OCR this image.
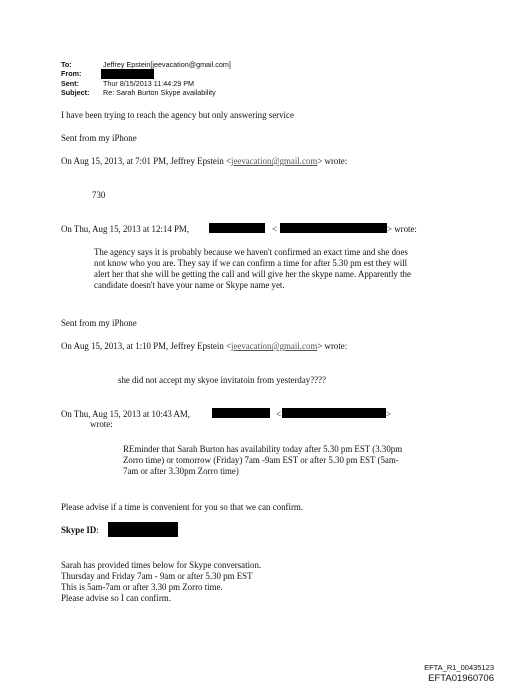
To:	Jeffrey Epstein[jeevacation@gmail.com]
From:
Sent:	Thur 8/15/2013 11:44:29 PM
Subject: Re: Sarah Burton Skype availability
I have been trying to reach the agency but only answering service
Sent from my iPhone
On Aug 15, 2013, at 7:01 PM, Jeffrey Epstein <jeevacation@gmail.com> wrote:
730
On Thu, Aug 15, 2013 at 12:14 PM,	<	> wrote:
The agency says it is probably because we haven't confirmed an exact time and she does not know who you are. They say if we can confirm a time for after 5.30 pm est they will alert her that she will be getting the call and will give her the skype name. Apparently the candidate doesn't have your name or Skype name yet.
Sent from my iPhone
On Aug 15, 2013, at 1:10 PM, Jeffrey Epstein <jeevacation@gmail.com> wrote:
she did not accept my skyoe invitatoin from yesterday????
On Thu, Aug 15, 2013 at 10:43 AM,	<	>
wrote:
REminder that Sarah Burton has availability today after 5.30 pm EST (3.30pm Zorro time) or tomorrow (Friday) 7am -9am EST or after 5.30 pm EST (5am-7am or after 3.30pm Zorro time)
Please advise if a time is convenient for you so that we can confirm.
Skype ID:
Sarah has provided times below for Skype conversation.
Thursday and Friday 7am - 9am or after 5.30 pm EST
This is 5am-7am or after 3.30 pm Zorro time.
Please advise so I can confirm.
EFTA_R1_00435123
EFTA01960706
